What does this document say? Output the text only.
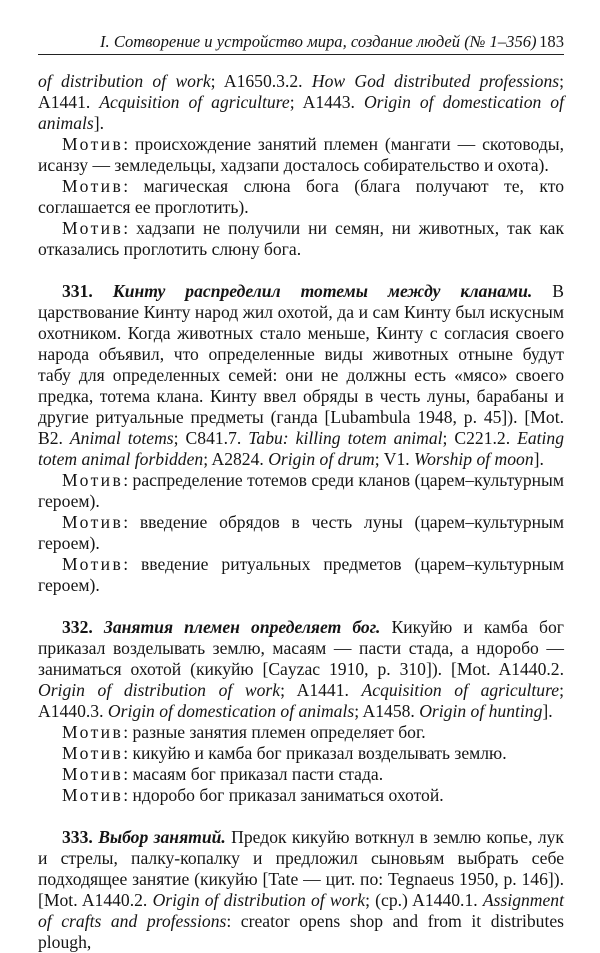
I. Сотворение и устройство мира, создание людей (№ 1–356) 183

of distribution of work; A1650.3.2. How God distributed professions; A1441. Acquisition of agriculture; A1443. Origin of domestication of animals].

Мотив: происхождение занятий племен (мангати — скотоводы, исанзу — земледельцы, хадзапи досталось собирательство и охота).

Мотив: магическая слюна бога (блага получают те, кто соглашается ее проглотить).

Мотив: хадзапи не получили ни семян, ни животных, так как отказались проглотить слюну бога.

331. Кинту распределил тотемы между кланами. В царствование Кинту народ жил охотой, да и сам Кинту был искусным охотником. Когда животных стало меньше, Кинту с согласия своего народа объявил, что определенные виды животных отныне будут табу для определенных семей: они не должны есть «мясо» своего предка, тотема клана. Кинту ввел обряды в честь луны, барабаны и другие ритуальные предметы (ганда [Lubambula 1948, p. 45]). [Mot. B2. Animal totems; C841.7. Tabu: killing totem animal; C221.2. Eating totem animal forbidden; A2824. Origin of drum; V1. Worship of moon].

Мотив: распределение тотемов среди кланов (царем–культурным героем).

Мотив: введение обрядов в честь луны (царем–культурным героем).

Мотив: введение ритуальных предметов (царем–культурным героем).

332. Занятия племен определяет бог. Кикуйю и камба бог приказал возделывать землю, масаям — пасти стада, а ндоробо — заниматься охотой (кикуйю [Cayzac 1910, p. 310]). [Mot. A1440.2. Origin of distribution of work; A1441. Acquisition of agriculture; A1440.3. Origin of domestication of animals; A1458. Origin of hunting].

Мотив: разные занятия племен определяет бог.

Мотив: кикуйю и камба бог приказал возделывать землю.

Мотив: масаям бог приказал пасти стада.

Мотив: ндоробо бог приказал заниматься охотой.

333. Выбор занятий. Предок кикуйю воткнул в землю копье, лук и стрелы, палку-копалку и предложил сыновьям выбрать себе подходящее занятие (кикуйю [Tate — цит. по: Tegnaeus 1950, p. 146]). [Mot. A1440.2. Origin of distribution of work; (ср.) A1440.1. Assignment of crafts and professions: creator opens shop and from it distributes plough,
